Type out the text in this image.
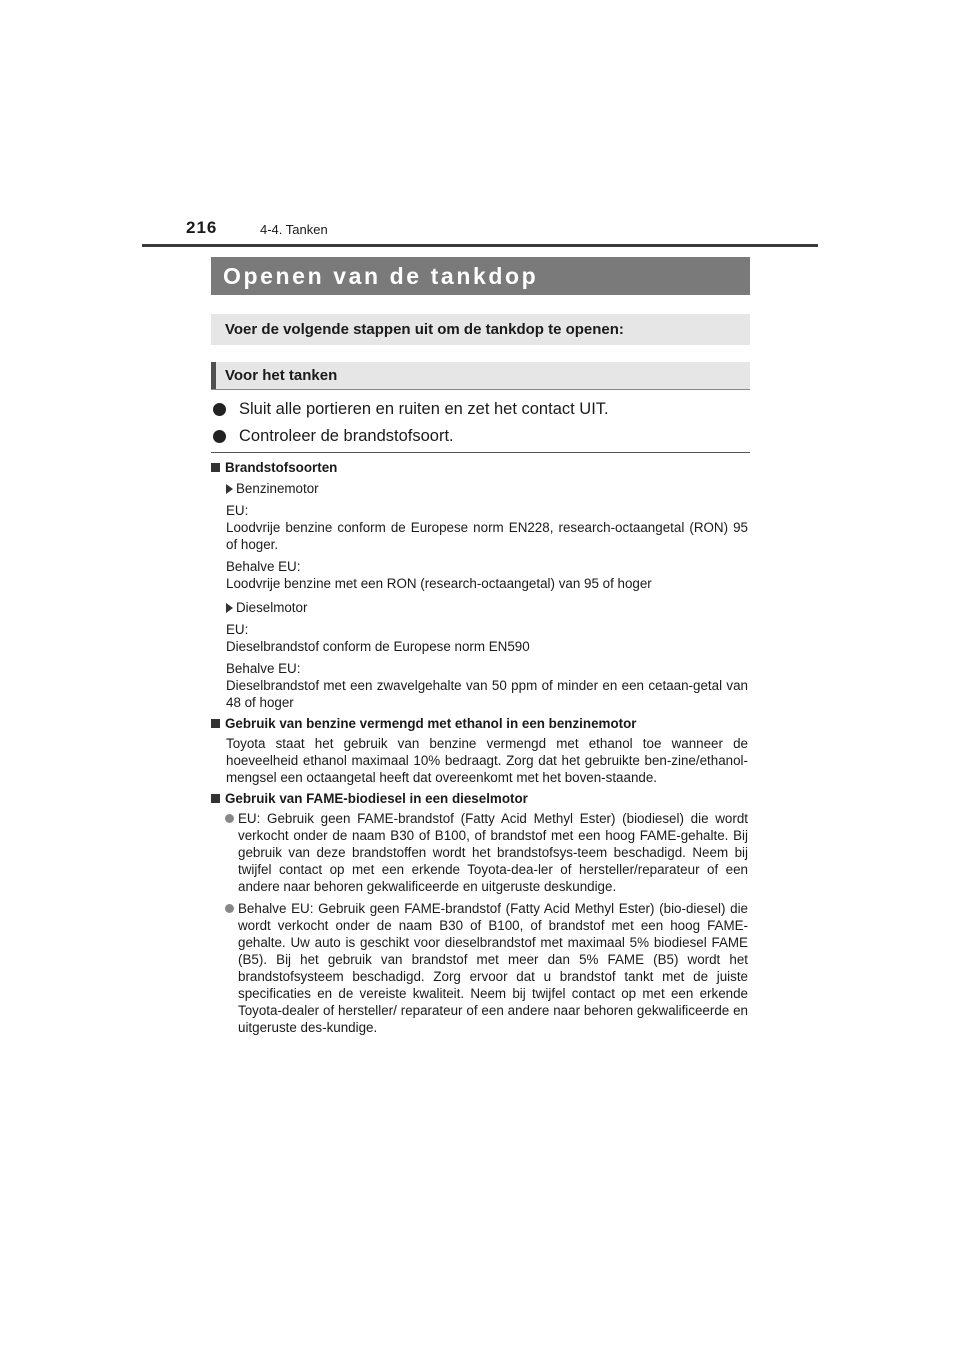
216	4-4. Tanken
Openen van de tankdop
Voer de volgende stappen uit om de tankdop te openen:
Voor het tanken
Sluit alle portieren en ruiten en zet het contact UIT.
Controleer de brandstofsoort.
Brandstofsoorten
Benzinemotor
EU:
Loodvrije benzine conform de Europese norm EN228, research-octaangetal (RON) 95 of hoger.
Behalve EU:
Loodvrije benzine met een RON (research-octaangetal) van 95 of hoger
Dieselmotor
EU:
Dieselbrandstof conform de Europese norm EN590
Behalve EU:
Dieselbrandstof met een zwavelgehalte van 50 ppm of minder en een cetaan-getal van 48 of hoger
Gebruik van benzine vermengd met ethanol in een benzinemotor
Toyota staat het gebruik van benzine vermengd met ethanol toe wanneer de hoeveelheid ethanol maximaal 10% bedraagt. Zorg dat het gebruikte ben-zine/ethanol-mengsel een octaangetal heeft dat overeenkomt met het boven-staande.
Gebruik van FAME-biodiesel in een dieselmotor
EU: Gebruik geen FAME-brandstof (Fatty Acid Methyl Ester) (biodiesel) die wordt verkocht onder de naam B30 of B100, of brandstof met een hoog FAME-gehalte. Bij gebruik van deze brandstoffen wordt het brandstofsys-teem beschadigd. Neem bij twijfel contact op met een erkende Toyota-dea-ler of hersteller/reparateur of een andere naar behoren gekwalificeerde en uitgeruste deskundige.
Behalve EU: Gebruik geen FAME-brandstof (Fatty Acid Methyl Ester) (bio-diesel) die wordt verkocht onder de naam B30 of B100, of brandstof met een hoog FAME-gehalte. Uw auto is geschikt voor dieselbrandstof met maximaal 5% biodiesel FAME (B5). Bij het gebruik van brandstof met meer dan 5% FAME (B5) wordt het brandstofsysteem beschadigd. Zorg ervoor dat u brandstof tankt met de juiste specificaties en de vereiste kwaliteit. Neem bij twijfel contact op met een erkende Toyota-dealer of hersteller/ reparateur of een andere naar behoren gekwalificeerde en uitgeruste des-kundige.
